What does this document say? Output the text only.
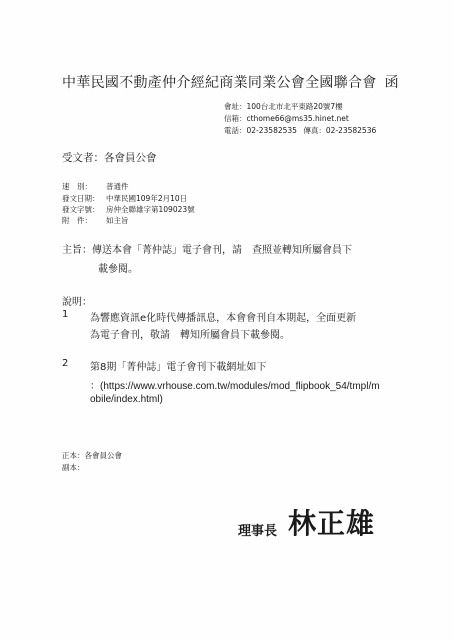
中華民國不動產仲介經紀商業同業公會全國聯合會 函
會址：100台北市北平東路20號7樓
信箱：cthome66@ms35.hinet.net
電話：02-23582535 傳真：02-23582536
受文者：各會員公會
速　別： 普通件
發文日期： 中華民國109年2月10日
發文字號： 房仲全聯雄字第109023號
附　件： 如主旨
主旨：傳送本會「菁仲誌」電子會刊，請　查照並轉知所屬會員下
載參閱。
說明：
1 為響應資訊e化時代傳播訊息，本會會刊自本期起，全面更新
為電子會刊，敬請　轉知所屬會員下載參閱。
2 第8期「菁仲誌」電子會刊下載網址如下
：(https://www.vrhouse.com.tw/modules/mod_flipbook_54/tmpl/m
obile/index.html)
正本：各會員公會
副本：
理事長 林正雄
